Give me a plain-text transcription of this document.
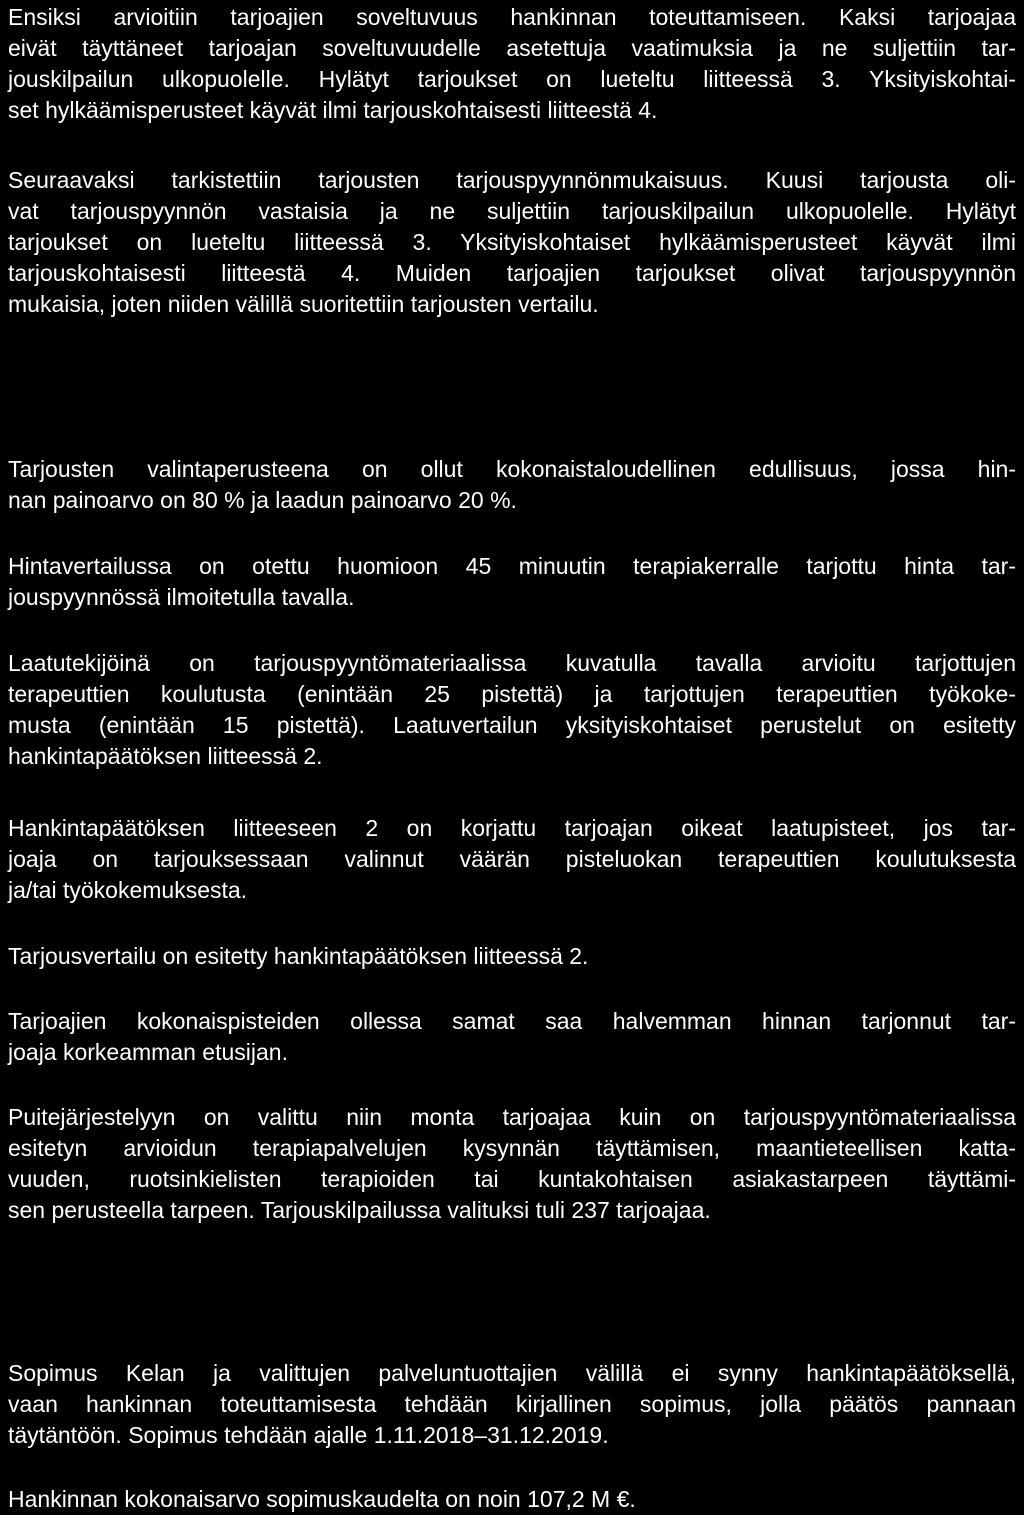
Ensiksi arvioitiin tarjoajien soveltuvuus hankinnan toteuttamiseen. Kaksi tarjoajaa
eivät täyttäneet tarjoajan soveltuvuudelle asetettuja vaatimuksia ja ne suljettiin tar-
jouskilpailun ulkopuolelle. Hylätyt tarjoukset on lueteltu liitteessä 3. Yksityiskohtai-
set hylkäämisperusteet käyvät ilmi tarjouskohtaisesti liitteestä 4.
Seuraavaksi tarkistettiin tarjousten tarjouspyynnönmukaisuus. Kuusi tarjousta oli-
vat tarjouspyynnön vastaisia ja ne suljettiin tarjouskilpailun ulkopuolelle. Hylätyt
tarjoukset on lueteltu liitteessä 3. Yksityiskohtaiset hylkäämisperusteet käyvät ilmi
tarjouskohtaisesti liitteestä 4. Muiden tarjoajien tarjoukset olivat tarjouspyynnön
mukaisia, joten niiden välillä suoritettiin tarjousten vertailu.
Tarjousten valintaperusteena on ollut kokonaistaloudellinen edullisuus, jossa hin-
nan painoarvo on 80 % ja laadun painoarvo 20 %.
Hintavertailussa on otettu huomioon 45 minuutin terapiakerralle tarjottu hinta tar-
jouspyynnössä ilmoitetulla tavalla.
Laatutekijöinä on tarjouspyyntömateriaalissa kuvatulla tavalla arvioitu tarjottujen
terapeuttien koulutusta (enintään 25 pistettä) ja tarjottujen terapeuttien työkoke-
musta (enintään 15 pistettä). Laatuvertailun yksityiskohtaiset perustelut on esitetty
hankintapäätöksen liitteessä 2.
Hankintapäätöksen liitteeseen 2 on korjattu tarjoajan oikeat laatupisteet, jos tar-
joaja on tarjouksessaan valinnut väärän pisteluokan terapeuttien koulutuksesta
ja/tai työkokemuksesta.
Tarjousvertailu on esitetty hankintapäätöksen liitteessä 2.
Tarjoajien kokonaispisteiden ollessa samat saa halvemman hinnan tarjonnut tar-
joaja korkeamman etusijan.
Puitejärjestelyyn on valittu niin monta tarjoajaa kuin on tarjouspyyntömateriaalissa
esitetyn arvioidun terapiapalvelujen kysynnän täyttämisen, maantieteellisen katta-
vuuden, ruotsinkielisten terapioiden tai kuntakohtaisen asiakastarpeen täyttämi-
sen perusteella tarpeen. Tarjouskilpailussa valituksi tuli 237 tarjoajaa.
Sopimus Kelan ja valittujen palveluntuottajien välillä ei synny hankintapäätöksellä,
vaan hankinnan toteuttamisesta tehdään kirjallinen sopimus, jolla päätös pannaan
täytäntöön. Sopimus tehdään ajalle 1.11.2018–31.12.2019.
Hankinnan kokonaisarvo sopimuskaudelta on noin 107,2 M €.
